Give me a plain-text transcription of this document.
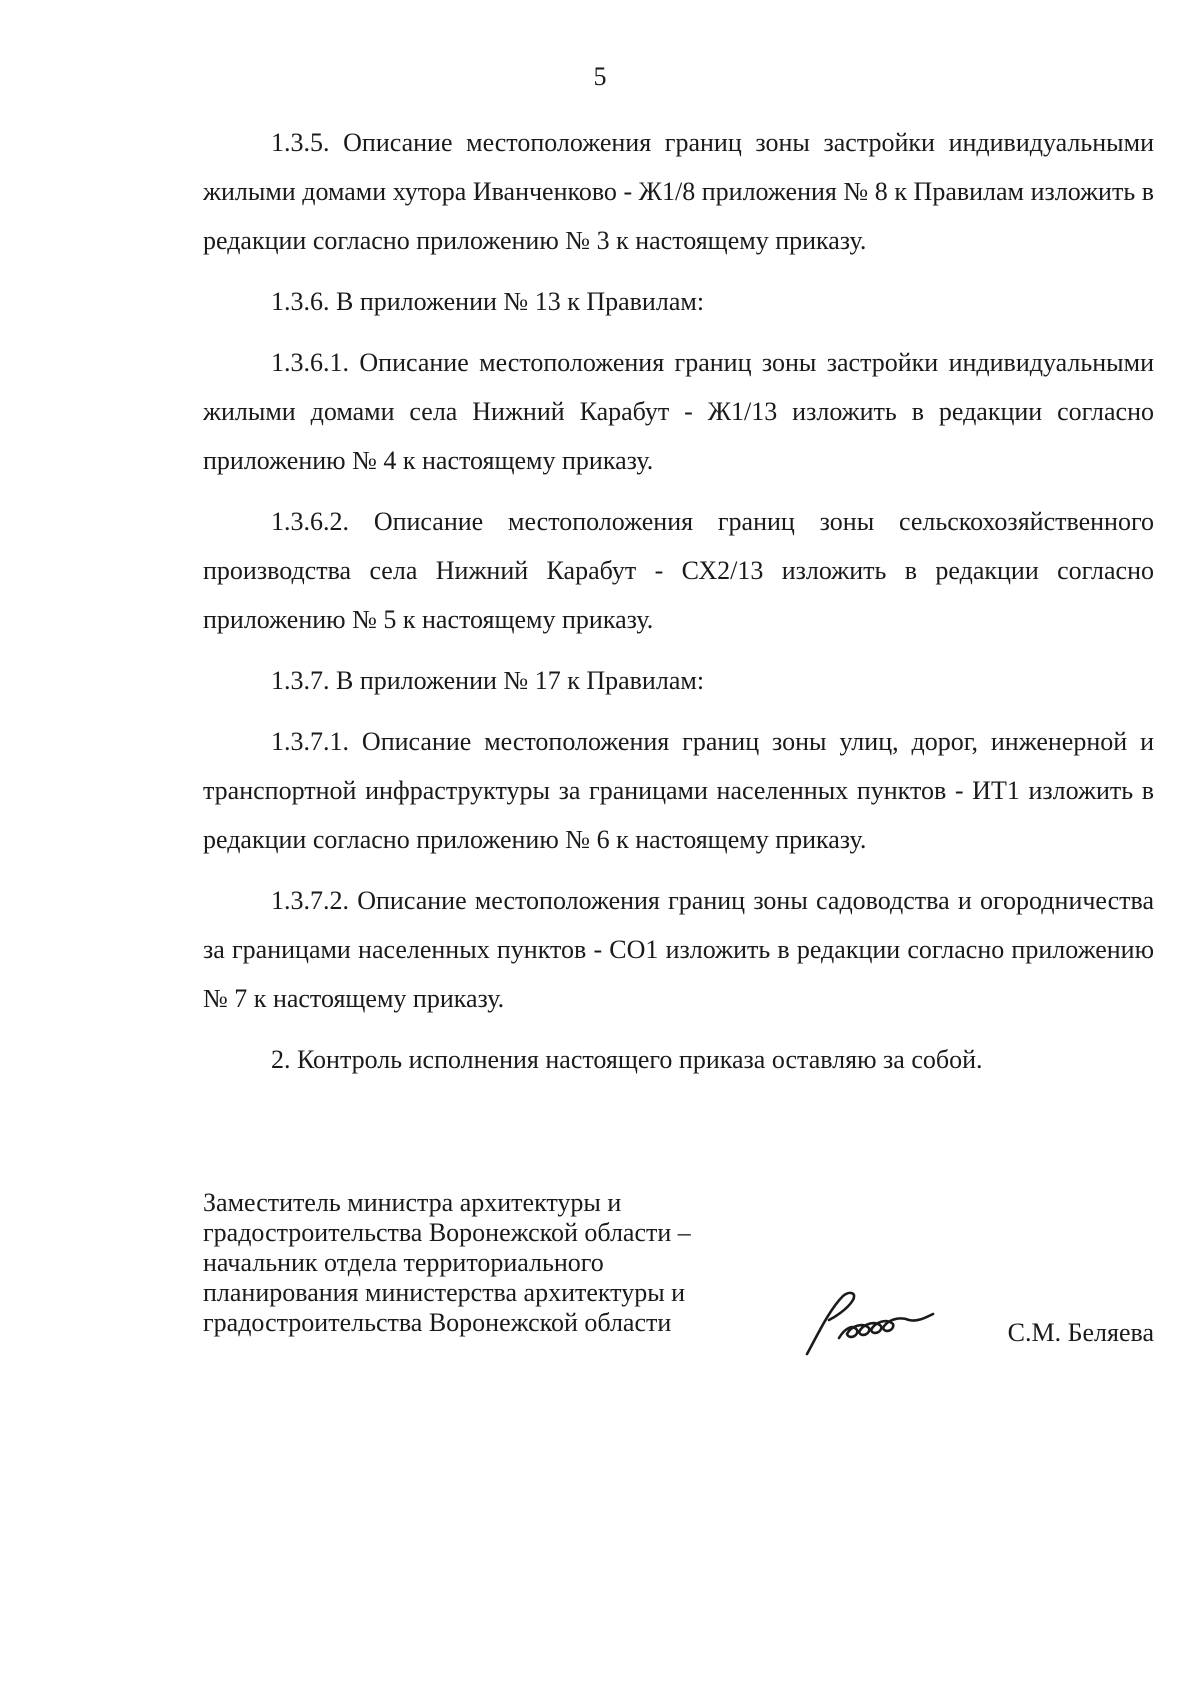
5

1.3.5. Описание местоположения границ зоны застройки индивидуальными жилыми домами хутора Иванченково - Ж1/8 приложения № 8 к Правилам изложить в редакции согласно приложению № 3 к настоящему приказу.

1.3.6. В приложении № 13 к Правилам:

1.3.6.1. Описание местоположения границ зоны застройки индивидуальными жилыми домами села Нижний Карабут - Ж1/13 изложить в редакции согласно приложению № 4 к настоящему приказу.

1.3.6.2. Описание местоположения границ зоны сельскохозяйственного производства села Нижний Карабут - СХ2/13 изложить в редакции согласно приложению № 5 к настоящему приказу.

1.3.7. В приложении № 17 к Правилам:

1.3.7.1. Описание местоположения границ зоны улиц, дорог, инженерной и транспортной инфраструктуры за границами населенных пунктов - ИТ1 изложить в редакции согласно приложению № 6 к настоящему приказу.

1.3.7.2. Описание местоположения границ зоны садоводства и огородничества за границами населенных пунктов - СО1 изложить в редакции согласно приложению № 7 к настоящему приказу.

2. Контроль исполнения настоящего приказа оставляю за собой.

Заместитель министра архитектуры и
градостроительства Воронежской области –
начальник отдела территориального
планирования министерства архитектуры и
градостроительства Воронежской области	С.М. Беляева
